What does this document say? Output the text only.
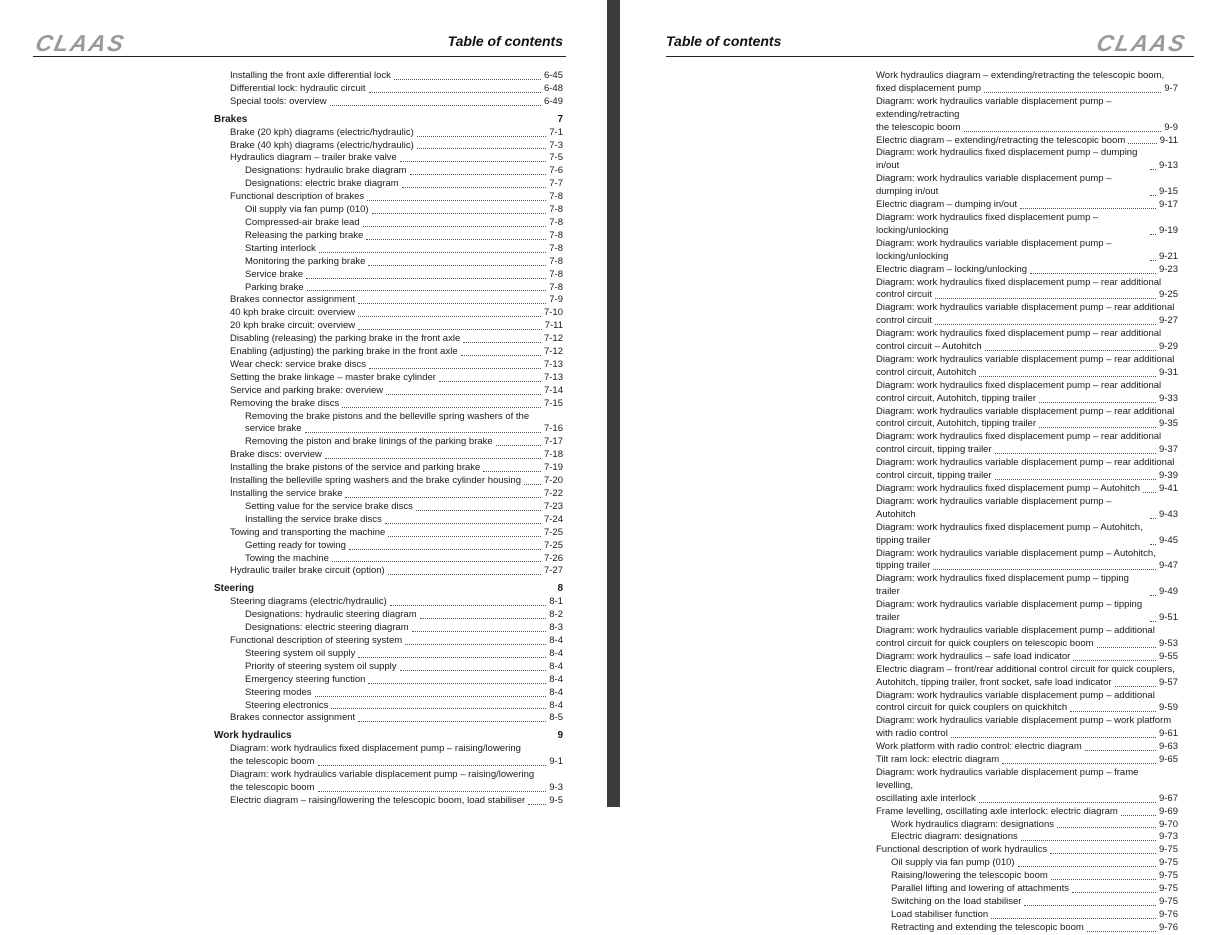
CLAAS	Table of contents
Installing the front axle differential lock	6-45
Differential lock: hydraulic circuit	6-48
Special tools: overview	6-49
Brakes	7
Brake (20 kph) diagrams (electric/hydraulic)	7-1
Brake (40 kph) diagrams (electric/hydraulic)	7-3
Hydraulics diagram – trailer brake valve	7-5
Designations: hydraulic brake diagram	7-6
Designations: electric brake diagram	7-7
Functional description of brakes	7-8
Oil supply via fan pump (010)	7-8
Compressed-air brake lead	7-8
Releasing the parking brake	7-8
Starting interlock	7-8
Monitoring the parking brake	7-8
Service brake	7-8
Parking brake	7-8
Brakes connector assignment	7-9
40 kph brake circuit: overview	7-10
20 kph brake circuit: overview	7-11
Disabling (releasing) the parking brake in the front axle	7-12
Enabling (adjusting) the parking brake in the front axle	7-12
Wear check: service brake discs	7-13
Setting the brake linkage – master brake cylinder	7-13
Service and parking brake: overview	7-14
Removing the brake discs	7-15
Removing the brake pistons and the belleville spring washers of the
service brake	7-16
Removing the piston and brake linings of the parking brake	7-17
Brake discs: overview	7-18
Installing the brake pistons of the service and parking brake	7-19
Installing the belleville spring washers and the brake cylinder housing 7-20
Installing the service brake	7-22
Setting value for the service brake discs	7-23
Installing the service brake discs	7-24
Towing and transporting the machine	7-25
Getting ready for towing	7-25
Towing the machine	7-26
Hydraulic trailer brake circuit (option)	7-27
Steering	8
Steering diagrams (electric/hydraulic)	8-1
Designations: hydraulic steering diagram	8-2
Designations: electric steering diagram	8-3
Functional description of steering system	8-4
Steering system oil supply	8-4
Priority of steering system oil supply	8-4
Emergency steering function	8-4
Steering modes	8-4
Steering electronics	8-4
Brakes connector assignment	8-5
Work hydraulics	9
Diagram: work hydraulics fixed displacement pump – raising/lowering
the telescopic boom	9-1
Diagram: work hydraulics variable displacement pump – raising/lowering
the telescopic boom	9-3
Electric diagram – raising/lowering the telescopic boom, load stabiliser	9-5
Table of contents	CLAAS
Work hydraulics diagram – extending/retracting the telescopic boom,
fixed displacement pump	9-7
Diagram: work hydraulics variable displacement pump – extending/retracting
the telescopic boom	9-9
Electric diagram – extending/retracting the telescopic boom	9-11
Diagram: work hydraulics fixed displacement pump – dumping in/out	9-13
Diagram: work hydraulics variable displacement pump – dumping in/out	9-15
Electric diagram – dumping in/out	9-17
Diagram: work hydraulics fixed displacement pump – locking/unlocking	9-19
Diagram: work hydraulics variable displacement pump – locking/unlocking	9-21
Electric diagram – locking/unlocking	9-23
Diagram: work hydraulics fixed displacement pump – rear additional
control circuit	9-25
Diagram: work hydraulics variable displacement pump – rear additional
control circuit	9-27
Diagram: work hydraulics fixed displacement pump – rear additional
control circuit – Autohitch	9-29
Diagram: work hydraulics variable displacement pump – rear additional
control circuit, Autohitch	9-31
Diagram: work hydraulics fixed displacement pump – rear additional
control circuit, Autohitch, tipping trailer	9-33
Diagram: work hydraulics variable displacement pump – rear additional
control circuit, Autohitch, tipping trailer	9-35
Diagram: work hydraulics fixed displacement pump – rear additional
control circuit, tipping trailer	9-37
Diagram: work hydraulics variable displacement pump – rear additional
control circuit, tipping trailer	9-39
Diagram: work hydraulics fixed displacement pump – Autohitch 9-41
Diagram: work hydraulics variable displacement pump – Autohitch	9-43
Diagram: work hydraulics fixed displacement pump – Autohitch, tipping trailer	9-45
Diagram: work hydraulics variable displacement pump – Autohitch,
tipping trailer	9-47
Diagram: work hydraulics fixed displacement pump – tipping trailer	9-49
Diagram: work hydraulics variable displacement pump – tipping trailer	9-51
Diagram: work hydraulics variable displacement pump – additional
control circuit for quick couplers on telescopic boom	9-53
Diagram: work hydraulics – safe load indicator	9-55
Electric diagram – front/rear additional control circuit for quick couplers,
Autohitch, tipping trailer, front socket, safe load indicator	9-57
Diagram: work hydraulics variable displacement pump – additional
control circuit for quick couplers on quickhitch	9-59
Diagram: work hydraulics variable displacement pump – work platform
with radio control	9-61
Work platform with radio control: electric diagram	9-63
Tilt ram lock: electric diagram	9-65
Diagram: work hydraulics variable displacement pump – frame levelling,
oscillating axle interlock	9-67
Frame levelling, oscillating axle interlock: electric diagram	9-69
Work hydraulics diagram: designations	9-70
Electric diagram: designations	9-73
Functional description of work hydraulics	9-75
Oil supply via fan pump (010)	9-75
Raising/lowering the telescopic boom	9-75
Parallel lifting and lowering of attachments	9-75
Switching on the load stabiliser	9-75
Load stabiliser function	9-76
Retracting and extending the telescopic boom	9-76
